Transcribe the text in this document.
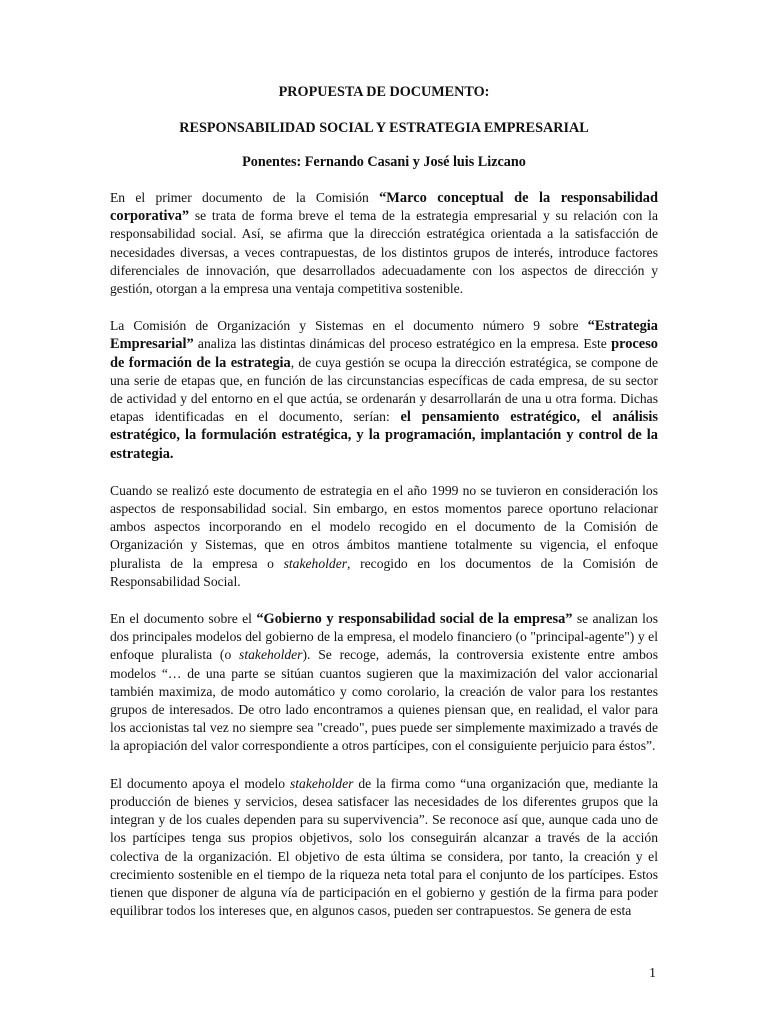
PROPUESTA DE DOCUMENTO:

RESPONSABILIDAD SOCIAL Y ESTRATEGIA EMPRESARIAL

Ponentes: Fernando Casani y José luis Lizcano

En el primer documento de la Comisión “Marco conceptual de la responsabilidad corporativa” se trata de forma breve el tema de la estrategia empresarial y su relación con la responsabilidad social. Así, se afirma que la dirección estratégica orientada a la satisfacción de necesidades diversas, a veces contrapuestas, de los distintos grupos de interés, introduce factores diferenciales de innovación, que desarrollados adecuadamente con los aspectos de dirección y gestión, otorgan a la empresa una ventaja competitiva sostenible.

La Comisión de Organización y Sistemas en el documento número 9 sobre “Estrategia Empresarial” analiza las distintas dinámicas del proceso estratégico en la empresa. Este proceso de formación de la estrategia, de cuya gestión se ocupa la dirección estratégica, se compone de una serie de etapas que, en función de las circunstancias específicas de cada empresa, de su sector de actividad y del entorno en el que actúa, se ordenarán y desarrollarán de una u otra forma. Dichas etapas identificadas en el documento, serían: el pensamiento estratégico, el análisis estratégico, la formulación estratégica, y la programación, implantación y control de la estrategia.

Cuando se realizó este documento de estrategia en el año 1999 no se tuvieron en consideración los aspectos de responsabilidad social. Sin embargo, en estos momentos parece oportuno relacionar ambos aspectos incorporando en el modelo recogido en el documento de la Comisión de Organización y Sistemas, que en otros ámbitos mantiene totalmente su vigencia, el enfoque pluralista de la empresa o stakeholder, recogido en los documentos de la Comisión de Responsabilidad Social.

En el documento sobre el “Gobierno y responsabilidad social de la empresa” se analizan los dos principales modelos del gobierno de la empresa, el modelo financiero (o "principal-agente") y el enfoque pluralista (o stakeholder). Se recoge, además, la controversia existente entre ambos modelos “… de una parte se sitúan cuantos sugieren que la maximización del valor accionarial también maximiza, de modo automático y como corolario, la creación de valor para los restantes grupos de interesados. De otro lado encontramos a quienes piensan que, en realidad, el valor para los accionistas tal vez no siempre sea "creado", pues puede ser simplemente maximizado a través de la apropiación del valor correspondiente a otros partícipes, con el consiguiente perjuicio para éstos”.

El documento apoya el modelo stakeholder de la firma como “una organización que, mediante la producción de bienes y servicios, desea satisfacer las necesidades de los diferentes grupos que la integran y de los cuales dependen para su supervivencia”. Se reconoce así que, aunque cada uno de los partícipes tenga sus propios objetivos, solo los conseguirán alcanzar a través de la acción colectiva de la organización. El objetivo de esta última se considera, por tanto, la creación y el crecimiento sostenible en el tiempo de la riqueza neta total para el conjunto de los partícipes. Estos tienen que disponer de alguna vía de participación en el gobierno y gestión de la firma para poder equilibrar todos los intereses que, en algunos casos, pueden ser contrapuestos. Se genera de esta

1
